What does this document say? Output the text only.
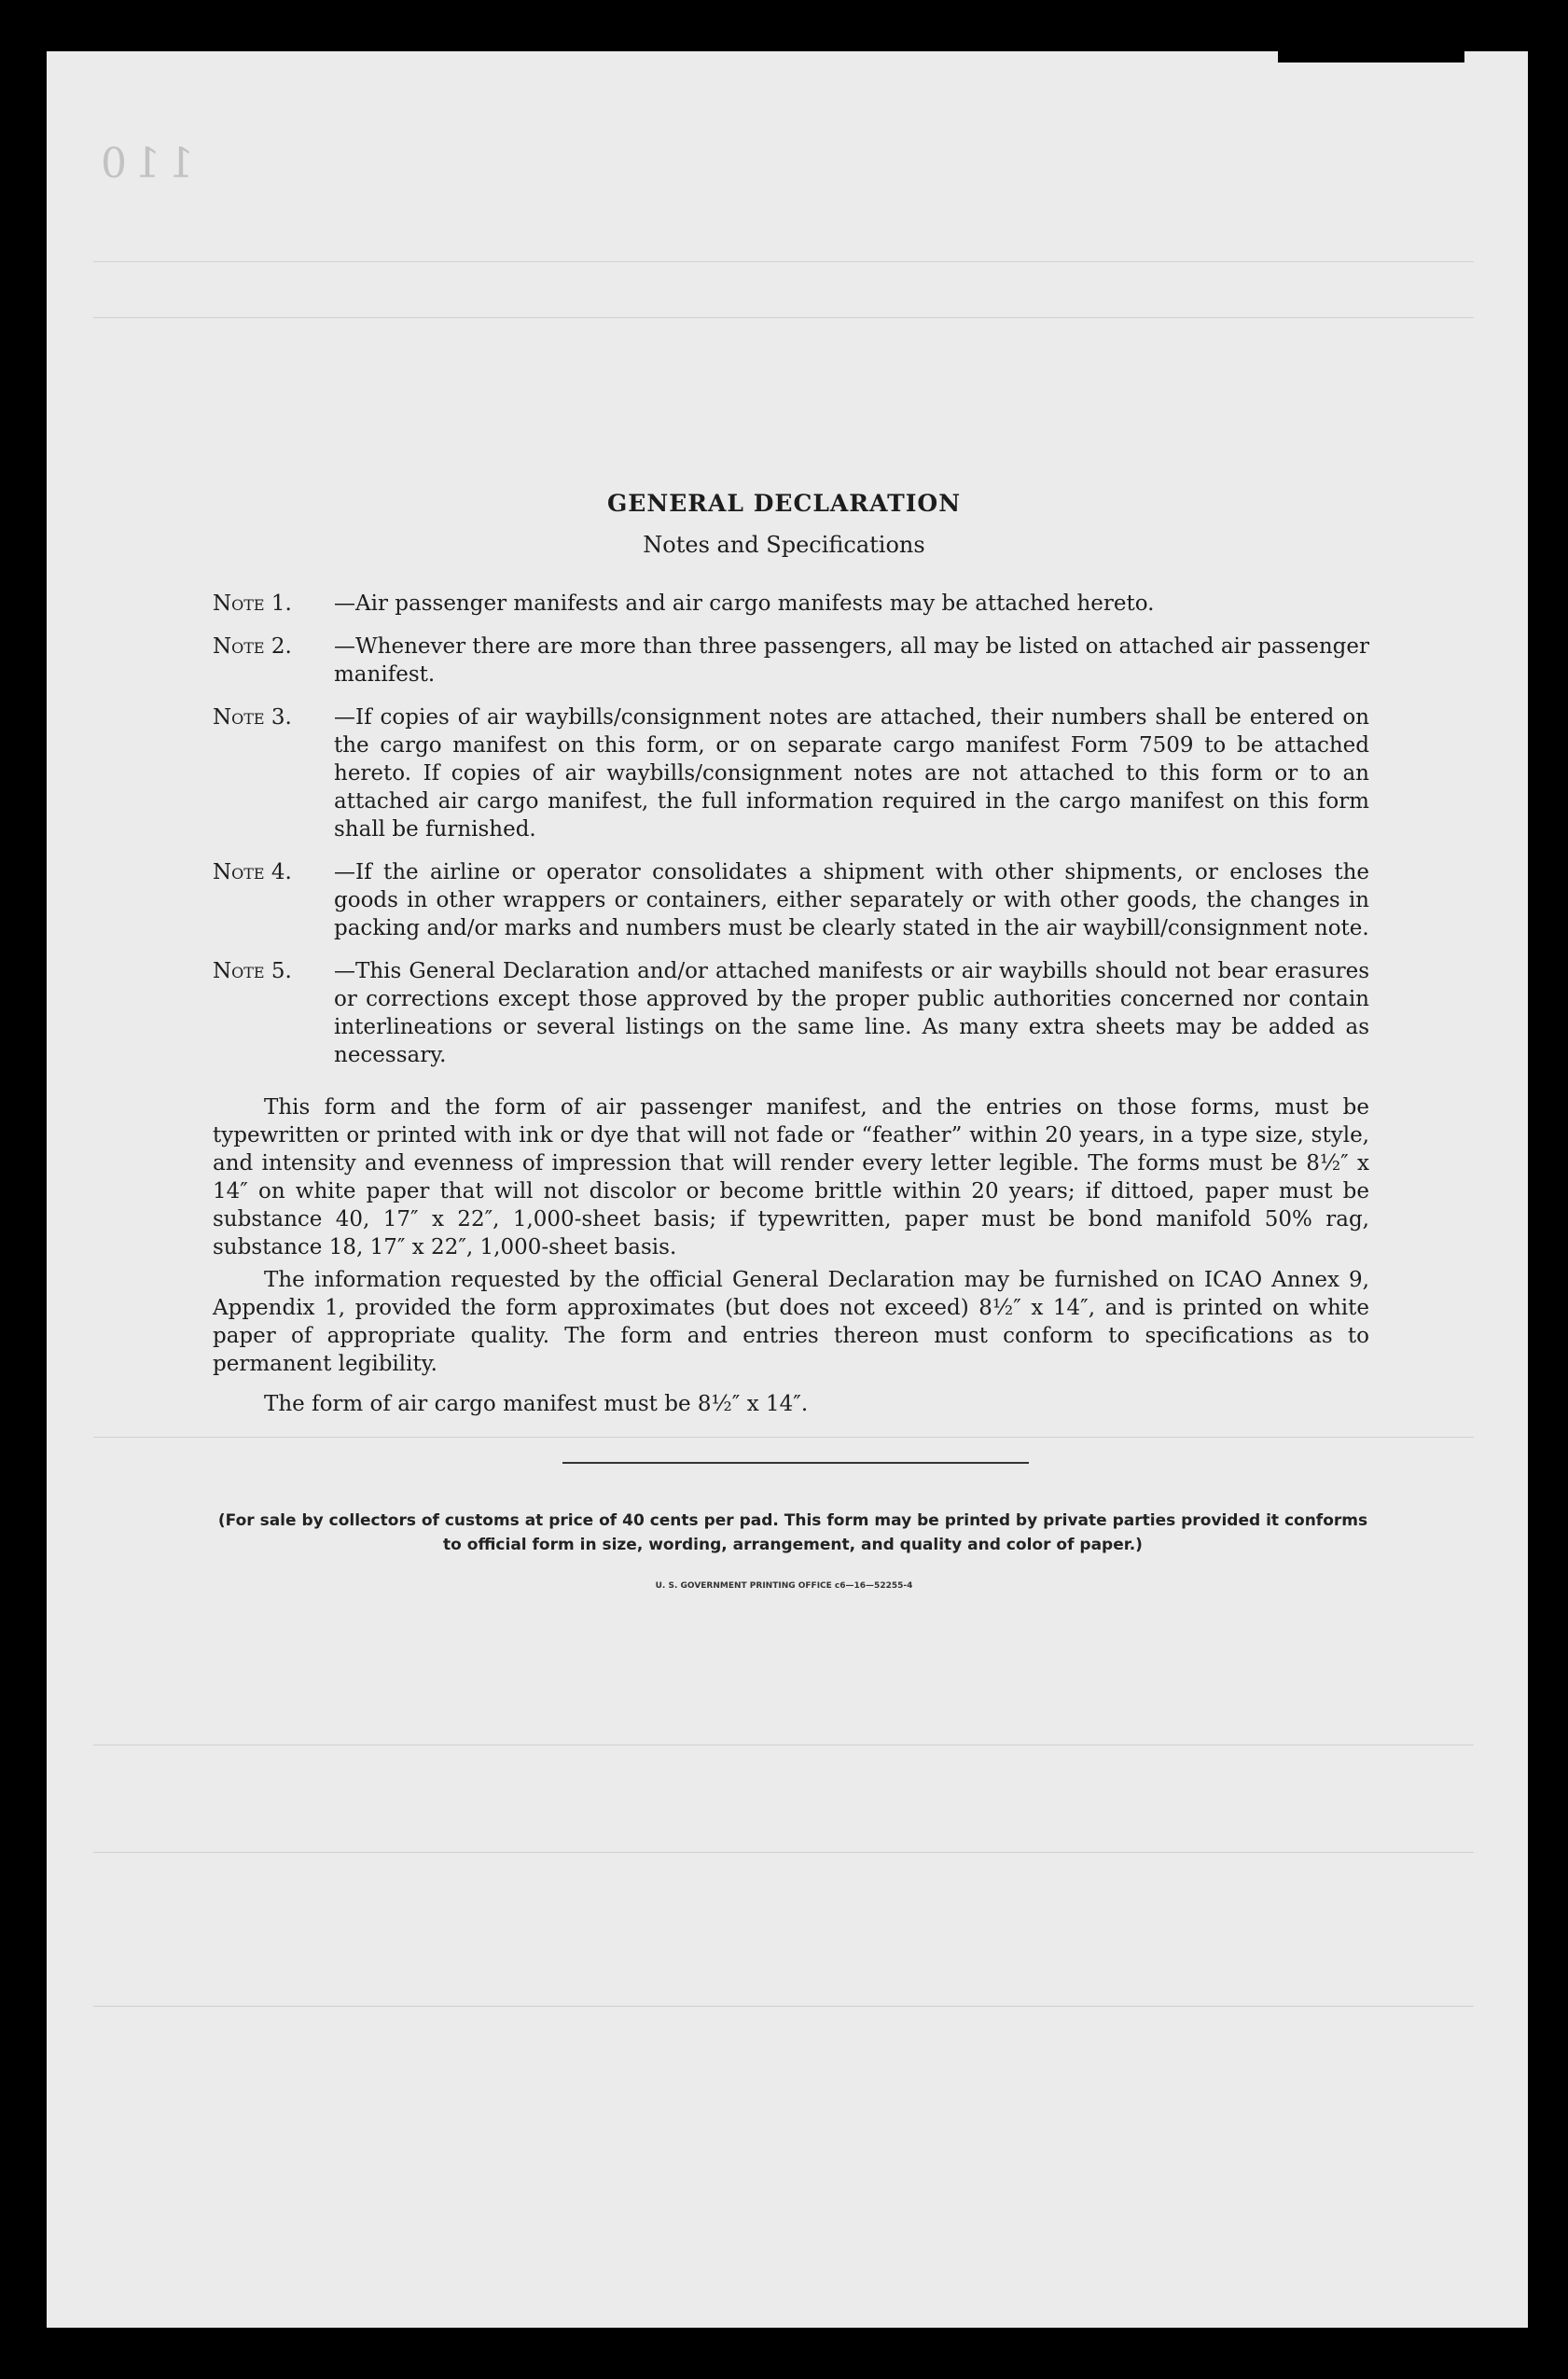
110
GENERAL DECLARATION
Notes and Specifications
Note 1.	—Air passenger manifests and air cargo manifests may be attached hereto.
Note 2.	—Whenever there are more than three passengers, all may be listed on attached air passenger manifest.
Note 3.	—If copies of air waybills/consignment notes are attached, their numbers shall be entered on the cargo manifest on this form, or on separate cargo manifest Form 7509 to be attached hereto. If copies of air waybills/consignment notes are not attached to this form or to an attached air cargo manifest, the full information required in the cargo manifest on this form shall be furnished.
Note 4.	—If the airline or operator consolidates a shipment with other shipments, or encloses the goods in other wrappers or containers, either separately or with other goods, the changes in packing and/or marks and numbers must be clearly stated in the air waybill/consignment note.
Note 5.	—This General Declaration and/or attached manifests or air waybills should not bear erasures or corrections except those approved by the proper public authorities concerned nor contain interlineations or several listings on the same line. As many extra sheets may be added as necessary.
This form and the form of air passenger manifest, and the entries on those forms, must be typewritten or printed with ink or dye that will not fade or “feather” within 20 years, in a type size, style, and intensity and evenness of impression that will render every letter legible. The forms must be 8½″ x 14″ on white paper that will not discolor or become brittle within 20 years; if dittoed, paper must be substance 40, 17″ x 22″, 1,000-sheet basis; if typewritten, paper must be bond manifold 50% rag, substance 18, 17″ x 22″, 1,000-sheet basis.
The information requested by the official General Declaration may be furnished on ICAO Annex 9, Appendix 1, provided the form approximates (but does not exceed) 8½″ x 14″, and is printed on white paper of appropriate quality. The form and entries thereon must conform to specifications as to permanent legibility.
The form of air cargo manifest must be 8½″ x 14″.
(For sale by collectors of customs at price of 40 cents per pad. This form may be printed by private parties provided it conforms to official form in size, wording, arrangement, and quality and color of paper.)
U. S. GOVERNMENT PRINTING OFFICE c6—16—52255-4
